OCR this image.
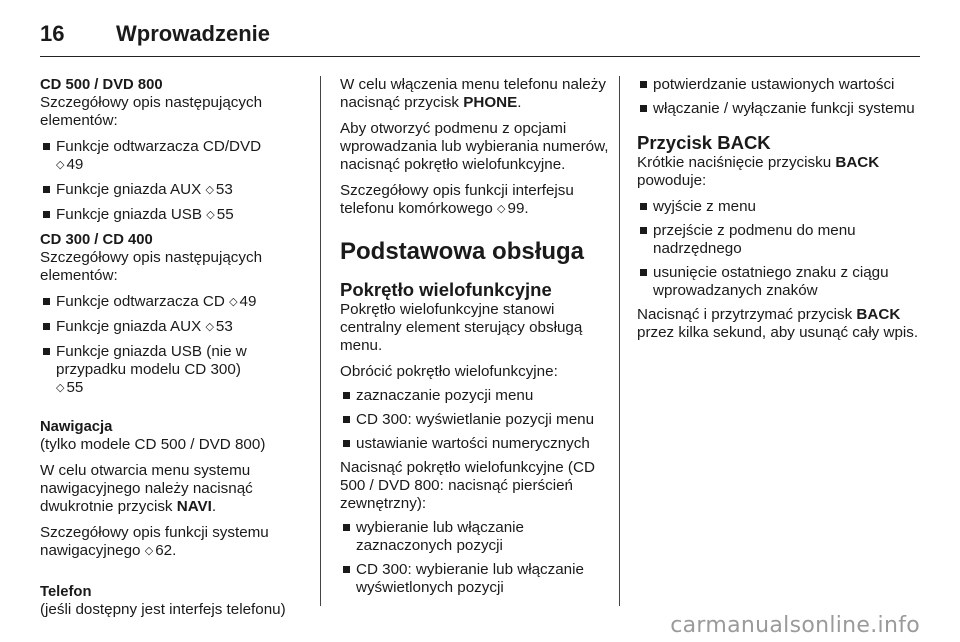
16	Wprowadzenie
CD 500 / DVD 800

Szczegółowy opis następujących elementów:

Funkcje odtwarzacza CD/DVD
◇ 49
Funkcje gniazda AUX ◇ 53
Funkcje gniazda USB ◇ 55
CD 300 / CD 400

Szczegółowy opis następujących elementów:

Funkcje odtwarzacza CD ◇ 49
Funkcje gniazda AUX ◇ 53
Funkcje gniazda USB (nie w przypadku modelu CD 300)
◇ 55
Nawigacja

(tylko modele CD 500 / DVD 800)

W celu otwarcia menu systemu nawigacyjnego należy nacisnąć dwukrotnie przycisk NAVI.

Szczegółowy opis funkcji systemu nawigacyjnego ◇ 62.

Telefon

(jeśli dostępny jest interfejs telefonu)

W celu włączenia menu telefonu należy nacisnąć przycisk PHONE.

Aby otworzyć podmenu z opcjami wprowadzania lub wybierania numerów, nacisnąć pokrętło wielofunkcyjne.

Szczegółowy opis funkcji interfejsu telefonu komórkowego ◇ 99.

Podstawowa obsługa
Pokrętło wielofunkcyjne

Pokrętło wielofunkcyjne stanowi centralny element sterujący obsługą menu.

Obrócić pokrętło wielofunkcyjne:

zaznaczanie pozycji menu
CD 300: wyświetlanie pozycji menu
ustawianie wartości numerycznych

Nacisnąć pokrętło wielofunkcyjne (CD 500 / DVD 800: nacisnąć pierścień zewnętrzny):

wybieranie lub włączanie zaznaczonych pozycji
CD 300: wybieranie lub włączanie wyświetlonych pozycji
potwierdzanie ustawionych wartości
włączanie / wyłączanie funkcji systemu
Przycisk BACK

Krótkie naciśnięcie przycisku BACK powoduje:

wyjście z menu
przejście z podmenu do menu nadrzędnego
usunięcie ostatniego znaku z ciągu wprowadzanych znaków

Nacisnąć i przytrzymać przycisk BACK przez kilka sekund, aby usunąć cały wpis.

carmanualsonline.info
